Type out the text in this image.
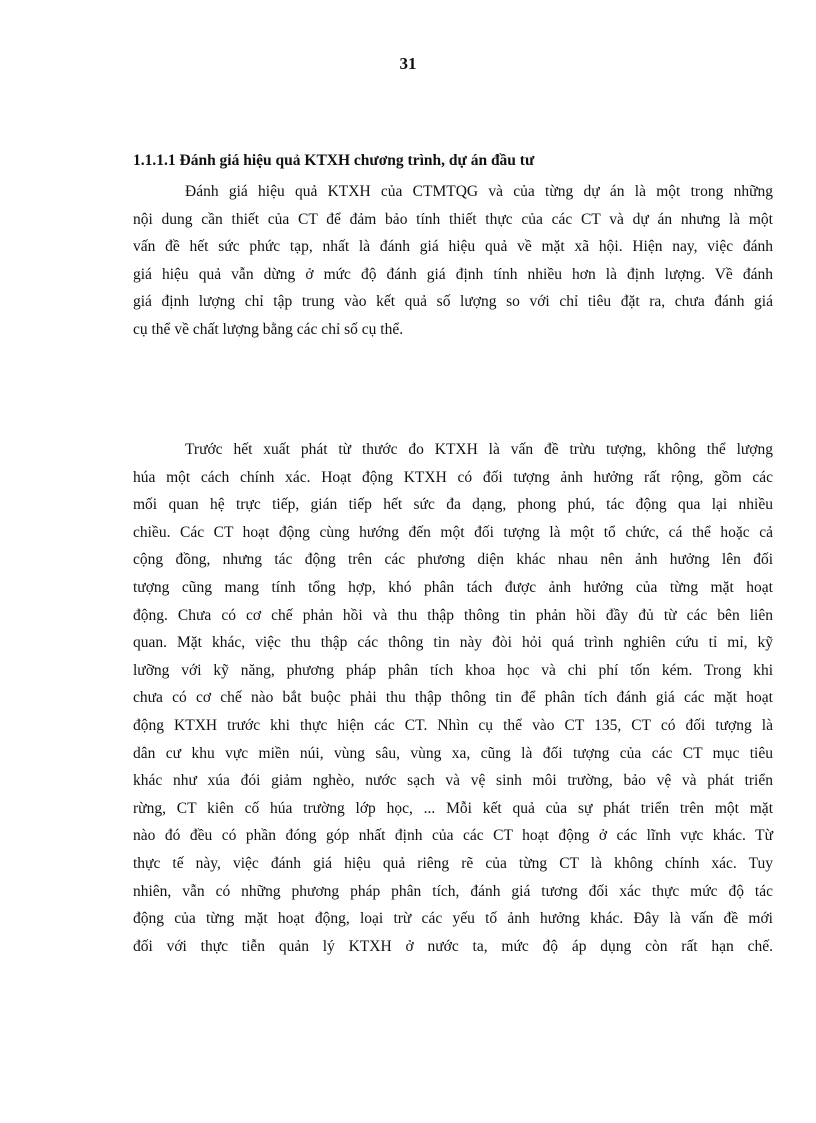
31
1.1.1.1 Đánh giá hiệu quả KTXH chương trình, dự án đầu tư
Đánh giá hiệu quả KTXH của CTMTQG và của từng dự án là một trong những
nội dung cần thiết của CT để đảm bảo tính thiết thực của các CT và dự án nhưng là một
vấn đề hết sức phức tạp, nhất là đánh giá hiệu quả về mặt xã hội. Hiện nay, việc đánh
giá hiệu quả vẫn dừng ở mức độ đánh giá định tính nhiều hơn là định lượng. Về đánh
giá định lượng chỉ tập trung vào kết quả số lượng so với chỉ tiêu đặt ra, chưa đánh giá
cụ thể về chất lượng bằng các chỉ số cụ thể.
Trước hết xuất phát từ thước đo KTXH là vấn đề trừu tượng, không thể lượng
húa một cách chính xác. Hoạt động KTXH có đối tượng ảnh hưởng rất rộng, gồm các
mối quan hệ trực tiếp, gián tiếp hết sức đa dạng, phong phú, tác động qua lại nhiều
chiều. Các CT hoạt động cùng hướng đến một đối tượng là một tổ chức, cá thể hoặc cả
cộng đồng, nhưng tác động trên các phương diện khác nhau nên ảnh hưởng lên đối
tượng cũng mang tính tổng hợp, khó phân tách được ảnh hưởng của từng mặt hoạt
động. Chưa có cơ chế phản hồi và thu thập thông tin phản hồi đầy đủ từ các bên liên
quan. Mặt khác, việc thu thập các thông tin này đòi hỏi quá trình nghiên cứu tỉ mỉ, kỹ
lưỡng với kỹ năng, phương pháp phân tích khoa học và chi phí tốn kém. Trong khi
chưa có cơ chế nào bắt buộc phải thu thập thông tin để phân tích đánh giá các mặt hoạt
động KTXH trước khi thực hiện các CT. Nhìn cụ thể vào CT 135, CT có đối tượng là
dân cư khu vực miền núi, vùng sâu, vùng xa, cũng là đối tượng của các CT mục tiêu
khác như xúa đói giảm nghèo, nước sạch và vệ sinh môi trường, bảo vệ và phát triển
rừng, CT kiên cố húa trường lớp học, ... Mỗi kết quả của sự phát triển trên một mặt
nào đó đều có phần đóng góp nhất định của các CT hoạt động ở các lĩnh vực khác. Từ
thực tế này, việc đánh giá hiệu quả riêng rẽ của từng CT là không chính xác. Tuy
nhiên, vẫn có những phương pháp phân tích, đánh giá tương đối xác thực mức độ tác
động của từng mặt hoạt động, loại trừ các yếu tố ảnh hưởng khác. Đây là vấn đề mới
đối với thực tiễn quản lý KTXH ở nước ta, mức độ áp dụng còn rất hạn chế.
